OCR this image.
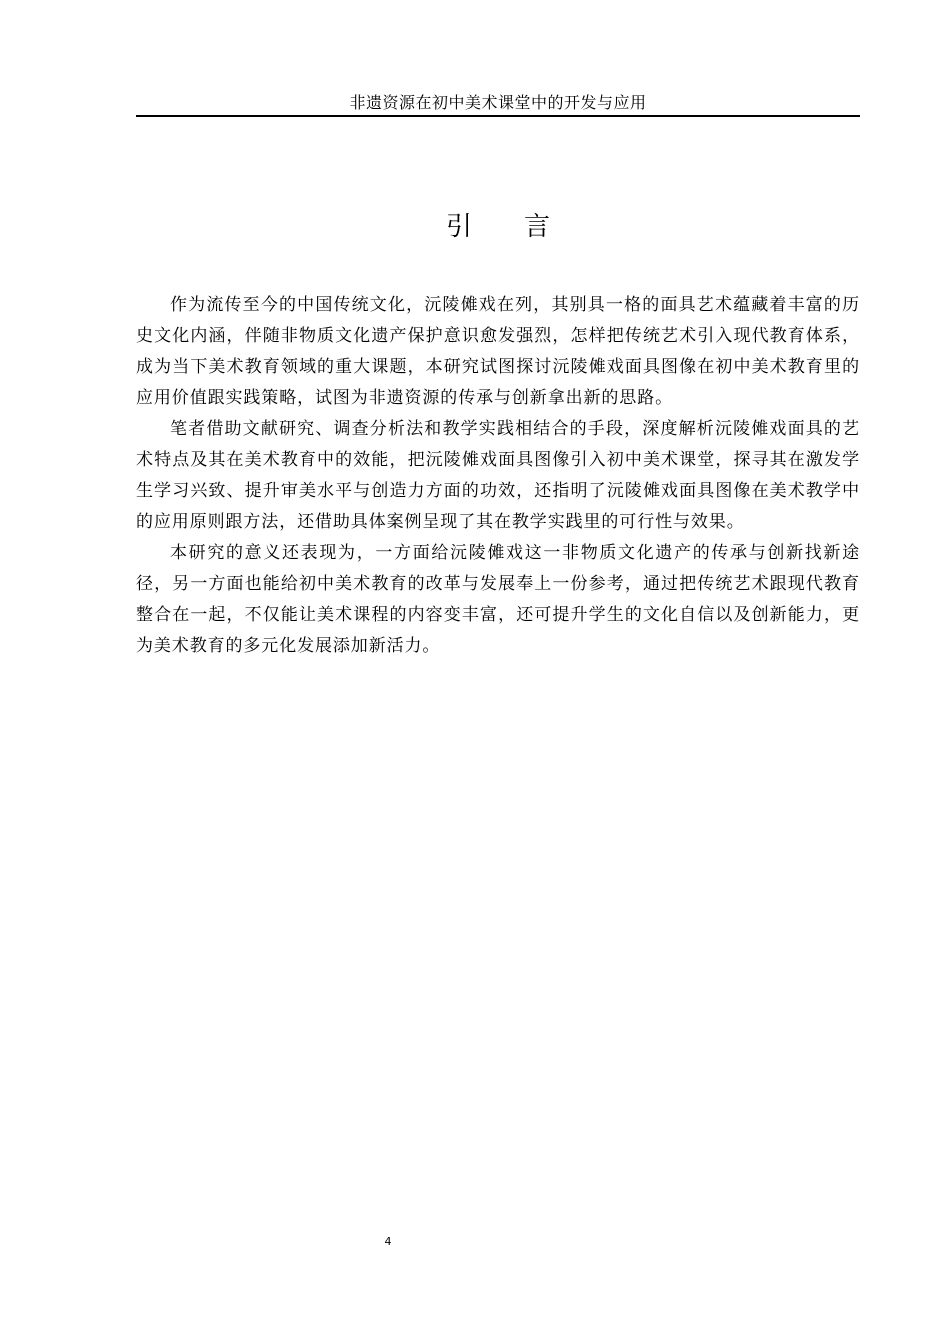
非遗资源在初中美术课堂中的开发与应用
引 言

作为流传至今的中国传统文化，沅陵傩戏在列，其别具一格的面具艺术蕴藏着丰富的历史文化内涵，伴随非物质文化遗产保护意识愈发强烈，怎样把传统艺术引入现代教育体系，成为当下美术教育领域的重大课题，本研究试图探讨沅陵傩戏面具图像在初中美术教育里的应用价值跟实践策略，试图为非遗资源的传承与创新拿出新的思路。

笔者借助文献研究、调查分析法和教学实践相结合的手段，深度解析沅陵傩戏面具的艺术特点及其在美术教育中的效能，把沅陵傩戏面具图像引入初中美术课堂，探寻其在激发学生学习兴致、提升审美水平与创造力方面的功效，还指明了沅陵傩戏面具图像在美术教学中的应用原则跟方法，还借助具体案例呈现了其在教学实践里的可行性与效果。

本研究的意义还表现为，一方面给沅陵傩戏这一非物质文化遗产的传承与创新找新途径，另一方面也能给初中美术教育的改革与发展奉上一份参考，通过把传统艺术跟现代教育整合在一起，不仅能让美术课程的内容变丰富，还可提升学生的文化自信以及创新能力，更为美术教育的多元化发展添加新活力。

4
